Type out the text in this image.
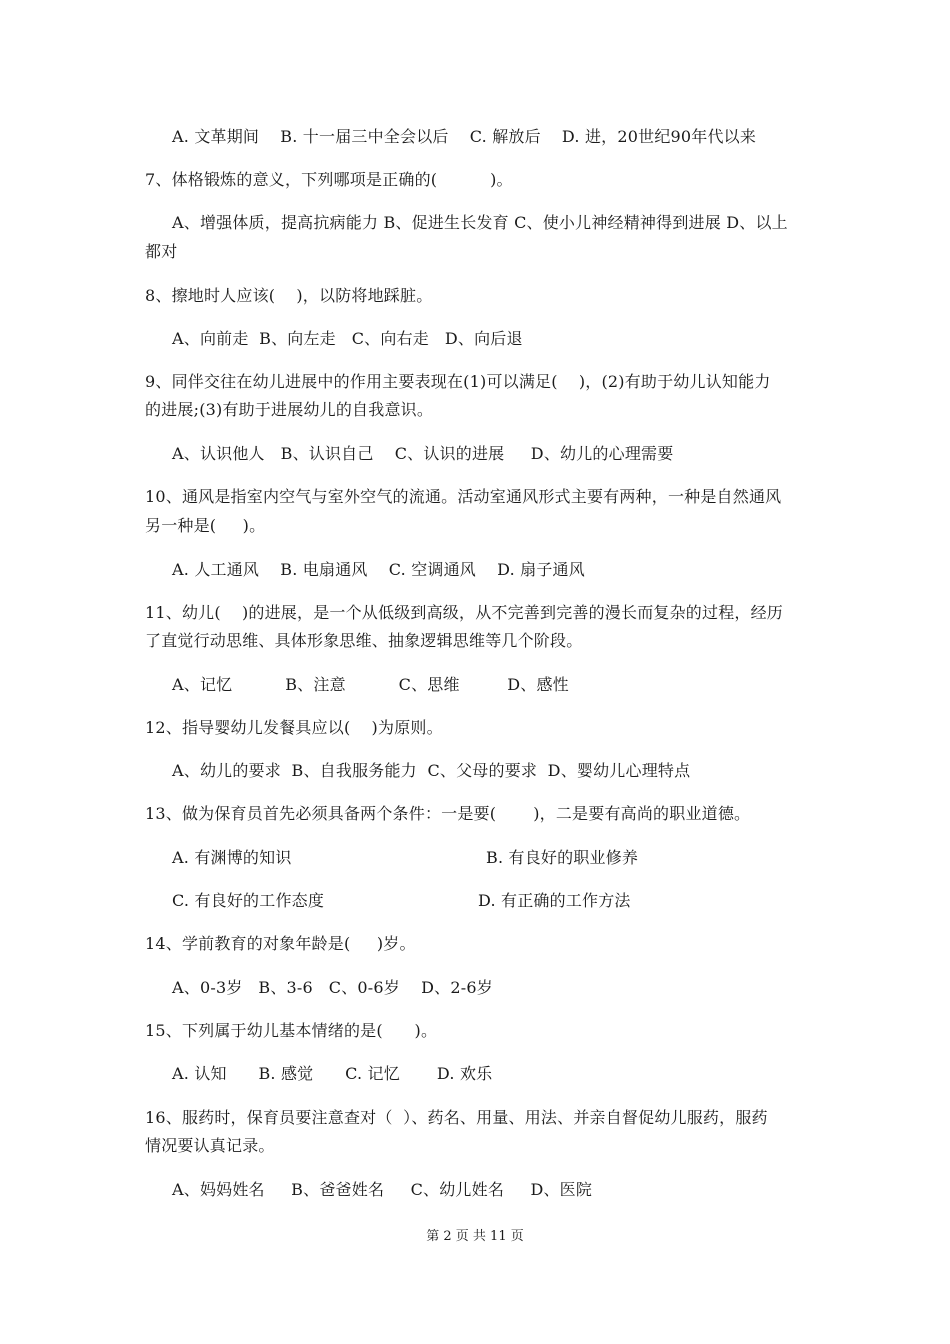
A. 文革期间    B. 十一届三中全会以后    C. 解放后    D. 进，20世纪90年代以来
7、体格锻炼的意义，下列哪项是正确的(          )。
A、增强体质，提高抗病能力 B、促进生长发育 C、使小儿神经精神得到进展 D、以上
都对
8、擦地时人应该(    )，以防将地踩脏。
A、向前走  B、向左走   C、向右走   D、向后退
9、同伴交往在幼儿进展中的作用主要表现在(1)可以满足(    )，(2)有助于幼儿认知能力
的进展;(3)有助于进展幼儿的自我意识。
A、认识他人   B、认识自己    C、认识的进展     D、幼儿的心理需要
10、通风是指室内空气与室外空气的流通。活动室通风形式主要有两种，一种是自然通风
另一种是(     )。
A. 人工通风    B. 电扇通风    C. 空调通风    D. 扇子通风
11、幼儿(    )的进展，是一个从低级到高级，从不完善到完善的漫长而复杂的过程，经历
了直觉行动思维、具体形象思维、抽象逻辑思维等几个阶段。
A、记忆          B、注意          C、思维         D、感性
12、指导婴幼儿发餐具应以(    )为原则。
A、幼儿的要求  B、自我服务能力  C、父母的要求  D、婴幼儿心理特点
13、做为保育员首先必须具备两个条件：一是要(       )，二是要有高尚的职业道德。
A. 有渊博的知识	B. 有良好的职业修养
C. 有良好的工作态度	D. 有正确的工作方法
14、学前教育的对象年龄是(     )岁。
A、0-3岁   B、3-6   C、0-6岁    D、2-6岁
15、下列属于幼儿基本情绪的是(      )。
A. 认知      B. 感觉      C. 记忆       D. 欢乐
16、服药时，保育员要注意查对（  ）、药名、用量、用法、并亲自督促幼儿服药，服药
情况要认真记录。
A、妈妈姓名     B、爸爸姓名     C、幼儿姓名     D、医院
第 2 页 共 11 页
